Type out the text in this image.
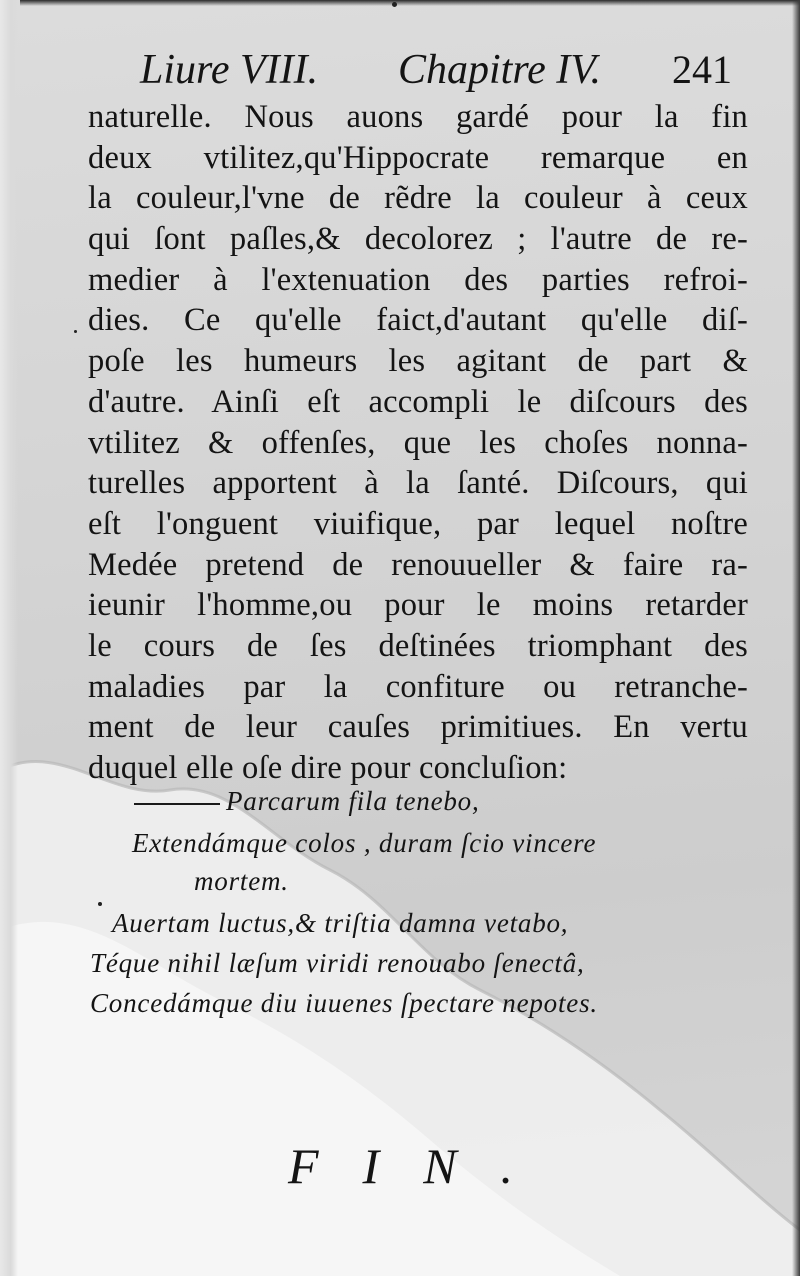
Liure VIII. Chapitre IV. 241
naturelle. Nous auons gardé pour la fin
deux vtilitez,qu'Hippocrate remarque en
la couleur,l'vne de rẽdre la couleur à ceux
qui ſont paſles,& decolorez ; l'autre de re-
medier à l'extenuation des parties refroi-
dies. Ce qu'elle faict,d'autant qu'elle diſ-
poſe les humeurs les agitant de part &
d'autre. Ainſi eſt accompli le diſcours des
vtilitez & offenſes, que les choſes nonna-
turelles apportent à la ſanté. Diſcours, qui
eſt l'onguent viuifique, par lequel noſtre
Medée pretend de renouueller & faire ra-
ieunir l'homme,ou pour le moins retarder
le cours de ſes deſtinées triomphant des
maladies par la confiture ou retranche-
ment de leur cauſes primitiues. En vertu
duquel elle oſe dire pour concluſion:
Parcarum fila tenebo,
Extendámque colos , duram ſcio vincere
mortem.
Auertam luctus,& triſtia damna vetabo,
Téque nihil læſum viridi renouabo ſenectâ,
Concedámque diu iuuenes ſpectare nepotes.
FIN.
